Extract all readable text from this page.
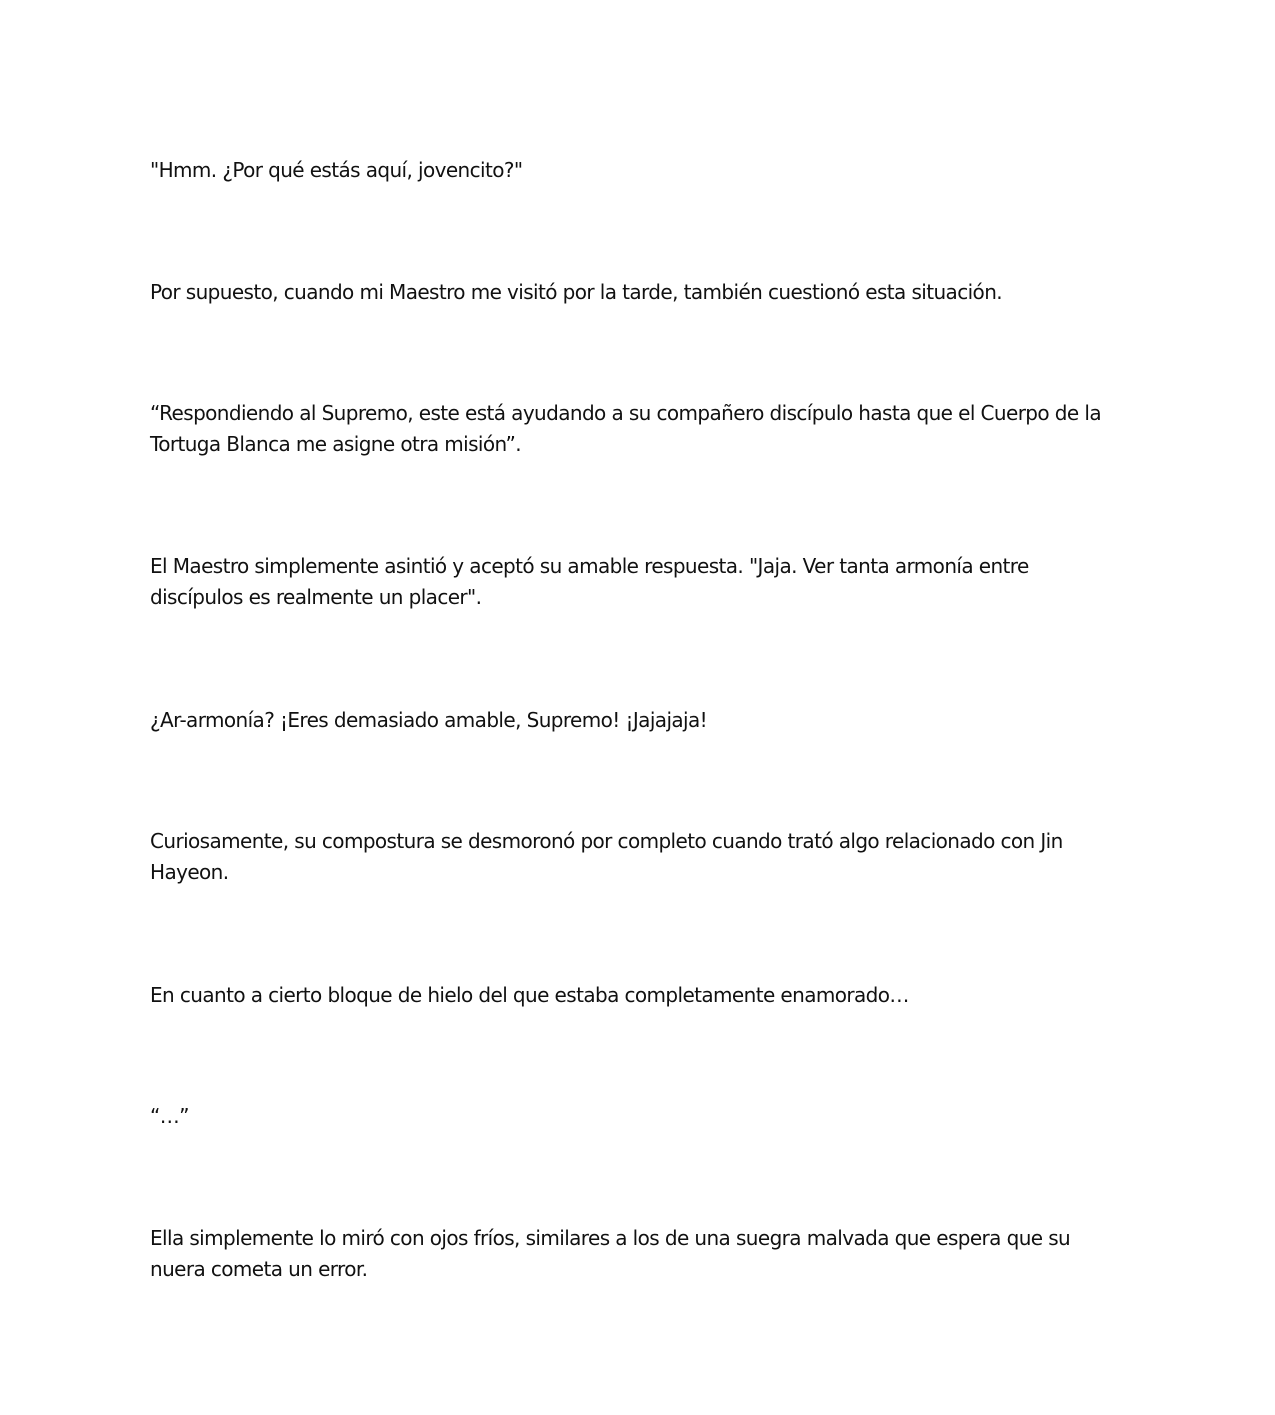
"Hmm. ¿Por qué estás aquí, jovencito?"

Por supuesto, cuando mi Maestro me visitó por la tarde, también cuestionó esta situación.

“Respondiendo al Supremo, este está ayudando a su compañero discípulo hasta que el Cuerpo de la Tortuga Blanca me asigne otra misión”.

El Maestro simplemente asintió y aceptó su amable respuesta. "Jaja. Ver tanta armonía entre discípulos es realmente un placer".

¿Ar-armonía? ¡Eres demasiado amable, Supremo! ¡Jajajaja!

Curiosamente, su compostura se desmoronó por completo cuando trató algo relacionado con Jin Hayeon.

En cuanto a cierto bloque de hielo del que estaba completamente enamorado…

“…”

Ella simplemente lo miró con ojos fríos, similares a los de una suegra malvada que espera que su nuera cometa un error.
